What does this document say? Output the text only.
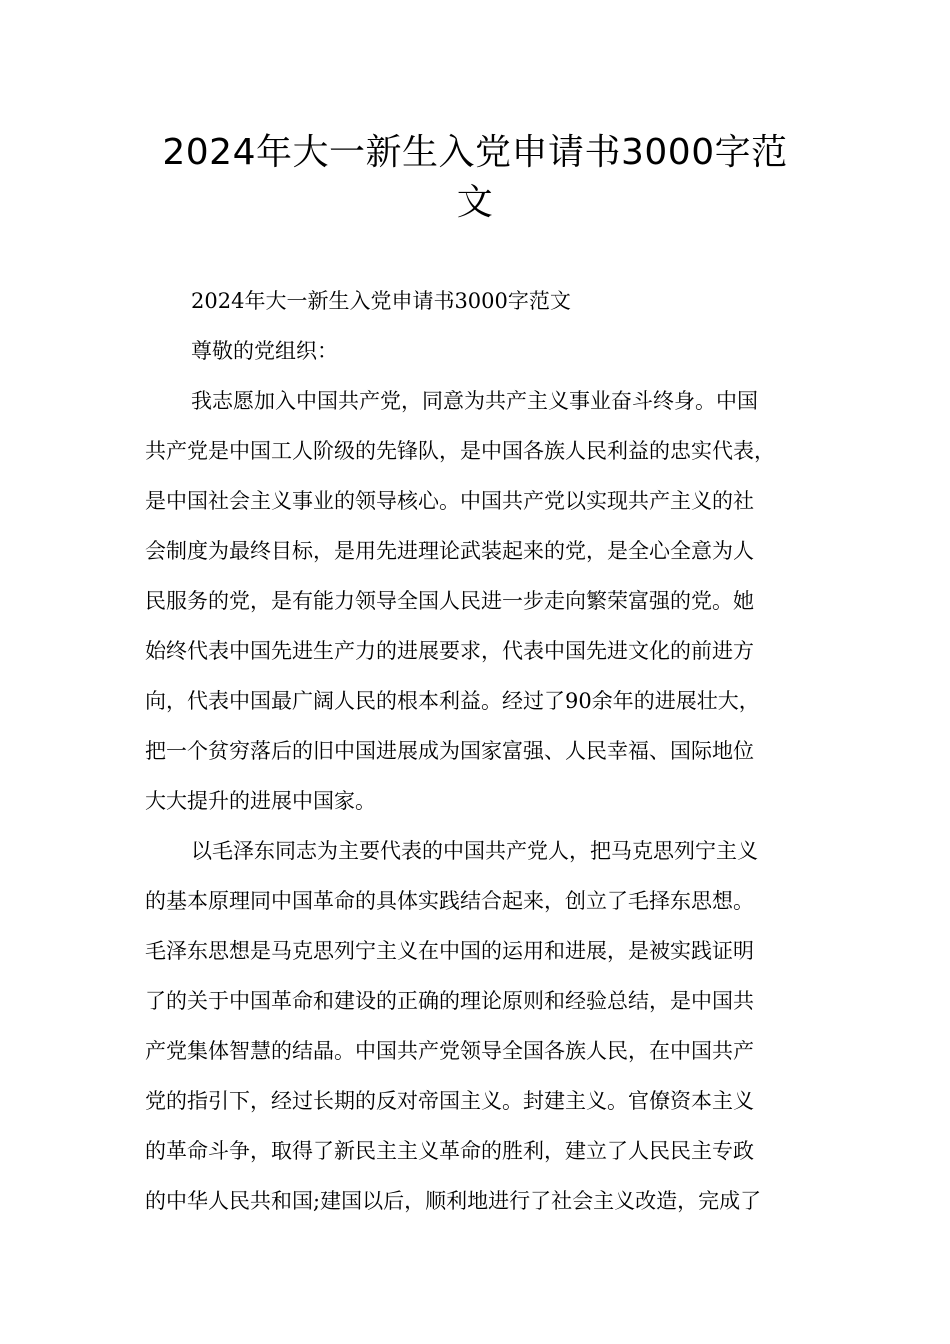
2024年大一新生入党申请书3000字范
文
2024年大一新生入党申请书3000字范文
尊敬的党组织：
我志愿加入中国共产党，同意为共产主义事业奋斗终身。中国
共产党是中国工人阶级的先锋队，是中国各族人民利益的忠实代表，
是中国社会主义事业的领导核心。中国共产党以实现共产主义的社
会制度为最终目标，是用先进理论武装起来的党，是全心全意为人
民服务的党，是有能力领导全国人民进一步走向繁荣富强的党。她
始终代表中国先进生产力的进展要求，代表中国先进文化的前进方
向，代表中国最广阔人民的根本利益。经过了90余年的进展壮大，
把一个贫穷落后的旧中国进展成为国家富强、人民幸福、国际地位
大大提升的进展中国家。
以毛泽东同志为主要代表的中国共产党人，把马克思列宁主义
的基本原理同中国革命的具体实践结合起来，创立了毛择东思想。
毛泽东思想是马克思列宁主义在中国的运用和进展，是被实践证明
了的关于中国革命和建设的正确的理论原则和经验总结，是中国共
产党集体智慧的结晶。中国共产党领导全国各族人民，在中国共产
党的指引下，经过长期的反对帝国主义。封建主义。官僚资本主义
的革命斗争，取得了新民主主义革命的胜利，建立了人民民主专政
的中华人民共和国;建国以后，顺利地进行了社会主义改造，完成了
